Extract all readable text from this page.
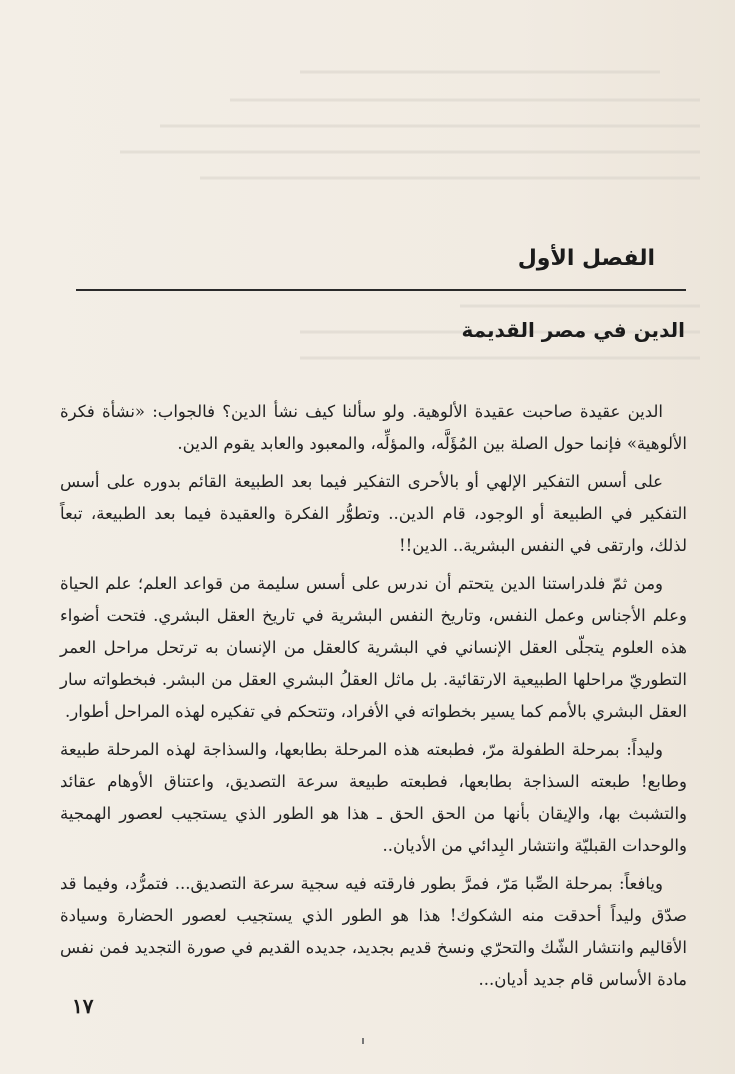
الفصل الأول
الدين في مصر القديمة

الدين عقيدة صاحبت عقيدة الألوهية. ولو سألنا كيف نشأ الدين؟ فالجواب: «نشأة فكرة الألوهية» فإنما حول الصلة بين المُؤَلَّه، والمؤلِّه، والمعبود والعابد يقوم الدين.

على أسس التفكير الإلهي أو بالأحرى التفكير فيما بعد الطبيعة القائم بدوره على أسس التفكير في الطبيعة أو الوجود، قام الدين.. وتطوُّر الفكرة والعقيدة فيما بعد الطبيعة، تبعاً لذلك، وارتقى في النفس البشرية.. الدين!!

ومن ثمّ فلدراستنا الدين يتحتم أن ندرس على أسس سليمة من قواعد العلم؛ علم الحياة وعلم الأجناس وعمل النفس، وتاريخ النفس البشرية في تاريخ العقل البشري. فتحت أضواء هذه العلوم يتجلّى العقل الإنساني في البشرية كالعقل من الإنسان به ترتحل مراحل العمر التطوريّ مراحلها الطبيعية الارتقائية. بل ماثل العقلُ البشري العقل من البشر. فبخطواته سار العقل البشري بالأمم كما يسير بخطواته في الأفراد، وتتحكم في تفكيره لهذه المراحل أطوار.

وليداً: بمرحلة الطفولة مرّ، فطبعته هذه المرحلة بطابعها، والسذاجة لهذه المرحلة طبيعة وطابع! طبعته السذاجة بطابعها، فطبعته طبيعة سرعة التصديق، واعتناق الأوهام عقائد والتشبث بها، والإيقان بأنها من الحق الحق ـ هذا هو الطور الذي يستجيب لعصور الهمجية والوحدات القبليّة وانتشار البِدائي من الأديان..

ويافعاً: بمرحلة الصِّبا مَرّ، فمرَّ بطور فارقته فيه سجية سرعة التصديق... فتمرُّد، وفيما قد صدّق وليداً أحدقت منه الشكوك! هذا هو الطور الذي يستجيب لعصور الحضارة وسيادة الأقاليم وانتشار الشّك والتحرّي ونسخ قديم بجديد، جديده القديم في صورة التجديد فمن نفس مادة الأساس قام جديد أديان...

١٧
